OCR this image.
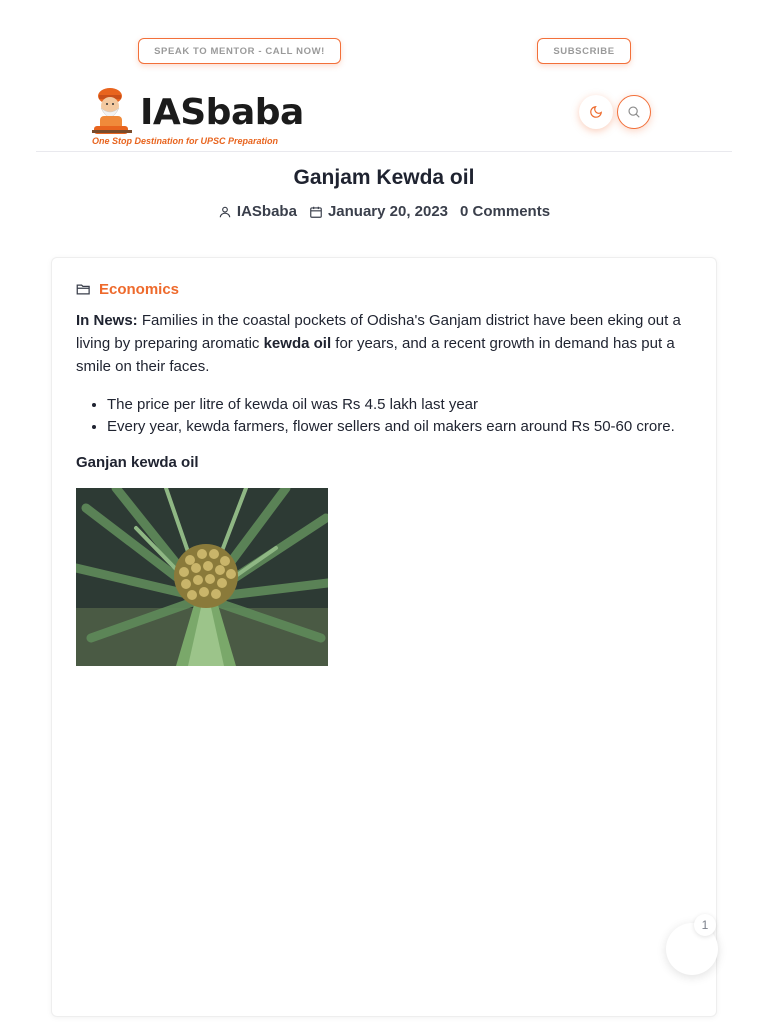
SPEAK TO MENTOR - CALL NOW!	SUBSCRIBE
IASbaba
One Stop Destination for UPSC Preparation
Ganjam Kewda oil
IASbaba January 20, 2023 0 Comments
Economics
In News: Families in the coastal pockets of Odisha's Ganjam district have been eking out a living by preparing aromatic kewda oil for years, and a recent growth in demand has put a smile on their faces.
• The price per litre of kewda oil was Rs 4.5 lakh last year
• Every year, kewda farmers, flower sellers and oil makers earn around Rs 50-60 crore.
Ganjan kewda oil
1
